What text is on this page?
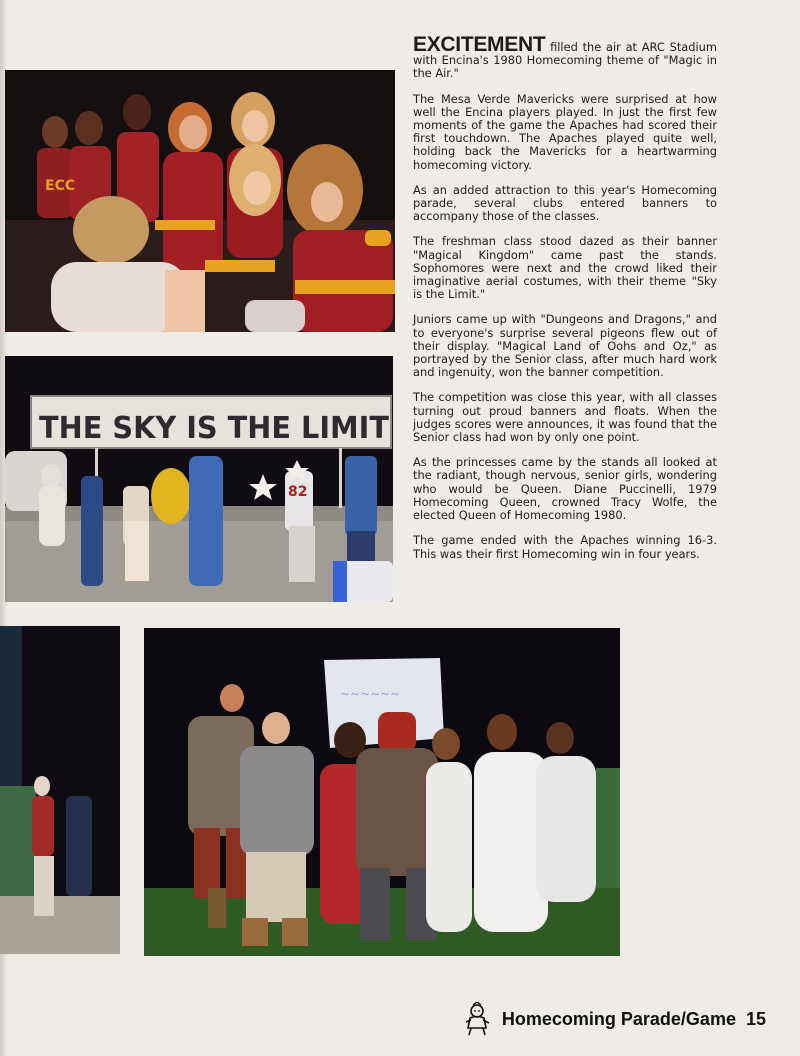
ECC
THE SKY IS THE LIMIT
82
~~~~~~

EXCITEMENT filled the air at ARC Stadium with Encina's 1980 Homecoming theme of "Magic in the Air."

The Mesa Verde Mavericks were surprised at how well the Encina players played. In just the first few moments of the game the Apaches had scored their first touchdown. The Apaches played quite well, holding back the Mavericks for a heartwarming homecoming victory.

As an added attraction to this year's Homecoming parade, several clubs entered banners to accompany those of the classes.

The freshman class stood dazed as their banner "Magical Kingdom" came past the stands. Sophomores were next and the crowd liked their imaginative aerial costumes, with their theme "Sky is the Limit."

Juniors came up with "Dungeons and Dragons," and to everyone's surprise several pigeons flew out of their display. "Magical Land of Oohs and Oz," as portrayed by the Senior class, after much hard work and ingenuity, won the banner competition.

The competition was close this year, with all classes turning out proud banners and floats. When the judges scores were announces, it was found that the Senior class had won by only one point.

As the princesses came by the stands all looked at the radiant, though nervous, senior girls, wondering who would be Queen. Diane Puccinelli, 1979 Homecoming Queen, crowned Tracy Wolfe, the elected Queen of Homecoming 1980.

The game ended with the Apaches winning 16-3. This was their first Homecoming win in four years.

Homecoming Parade/Game 15
